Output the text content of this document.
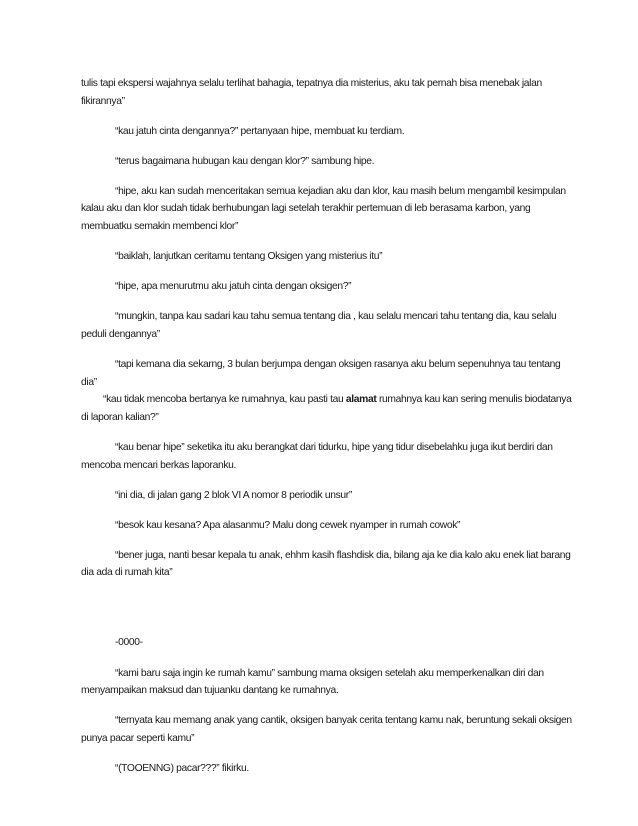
tulis tapi ekspersi wajahnya selalu terlihat bahagia, tepatnya dia misterius, aku tak pernah bisa menebak jalan fikirannya”

“kau jatuh cinta dengannya?” pertanyaan hipe, membuat ku terdiam.

“terus bagaimana hubugan kau dengan klor?” sambung hipe.

“hipe, aku kan sudah menceritakan semua kejadian aku dan klor, kau masih belum mengambil kesimpulan kalau aku dan klor sudah tidak berhubungan lagi setelah terakhir pertemuan di leb berasama karbon, yang membuatku semakin membenci klor”

“baiklah, lanjutkan ceritamu tentang Oksigen yang misterius itu”

“hipe, apa menurutmu aku jatuh cinta dengan oksigen?”

“mungkin, tanpa kau sadari kau tahu semua tentang dia , kau selalu mencari tahu tentang dia, kau selalu peduli dengannya”

“tapi kemana dia sekarng, 3 bulan berjumpa dengan oksigen rasanya aku belum sepenuhnya tau tentang dia”

“kau tidak mencoba bertanya ke rumahnya, kau pasti tau alamat rumahnya kau kan sering menulis biodatanya di laporan kalian?”

“kau benar hipe” seketika itu aku berangkat dari tidurku, hipe yang tidur disebelahku juga ikut berdiri dan mencoba mencari berkas laporanku.

“ini dia, di jalan gang 2 blok VI A nomor 8 periodik unsur”

“besok kau kesana? Apa alasanmu? Malu dong cewek nyamper in rumah cowok”

“bener juga, nanti besar kepala tu anak, ehhm kasih flashdisk dia, bilang aja ke dia kalo aku enek liat barang dia ada di rumah kita”

-0000-

“kami baru saja ingin ke rumah kamu” sambung mama oksigen setelah aku memperkenalkan diri dan menyampaikan maksud dan tujuanku dantang ke rumahnya.

“ternyata kau memang anak yang cantik, oksigen banyak cerita tentang kamu nak, beruntung sekali oksigen punya pacar seperti kamu”

“(TOOENNG) pacar???” fikirku.
